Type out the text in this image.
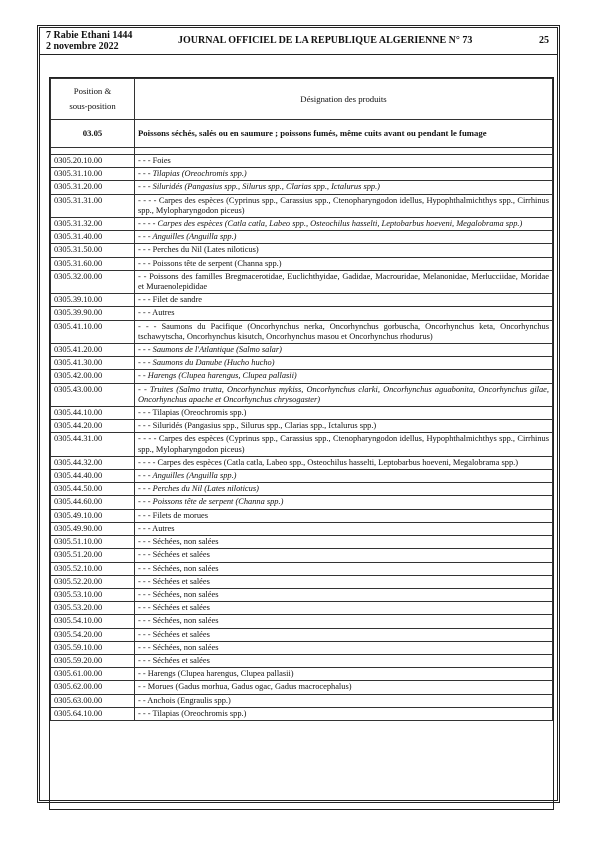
7 Rabie Ethani 1444
2 novembre 2022
JOURNAL OFFICIEL DE LA REPUBLIQUE ALGERIENNE N° 73	25
Position &
sous-position	Désignation des produits
03.05	Poissons séchés, salés ou en saumure ; poissons fumés, même cuits avant ou pendant le fumage

0305.20.10.00	- - - Foies
0305.31.10.00	- - - Tilapias (Oreochromis spp.)
0305.31.20.00	- - - Siluridés (Pangasius spp., Silurus spp., Clarias spp., Ictalurus spp.)
0305.31.31.00	- - - - Carpes des espèces (Cyprinus spp., Carassius spp., Ctenopharyngodon idellus, Hypophthalmichthys spp., Cirrhinus spp., Mylopharyngodon piceus)
0305.31.32.00	- - - - Carpes des espèces (Catla catla, Labeo spp., Osteochilus hasselti, Leptobarbus hoeveni, Megalobrama spp.)
0305.31.40.00	- - - Anguilles (Anguilla spp.)
0305.31.50.00	- - - Perches du Nil (Lates niloticus)
0305.31.60.00	- - - Poissons tête de serpent (Channa spp.)
0305.32.00.00	- - Poissons des familles Bregmacerotidae, Euclichthyidae, Gadidae, Macrouridae, Melanonidae, Merlucciidae, Moridae et Muraenolepididae
0305.39.10.00	- - - Filet de sandre
0305.39.90.00	- - - Autres
0305.41.10.00	- - - Saumons du Pacifique (Oncorhynchus nerka, Oncorhynchus gorbuscha, Oncorhynchus keta, Oncorhynchus tschawytscha, Oncorhynchus kisutch, Oncorhynchus masou et Oncorhynchus rhodurus)
0305.41.20.00	- - - Saumons de l'Atlantique (Salmo salar)
0305.41.30.00	- - - Saumons du Danube (Hucho hucho)
0305.42.00.00	- - Harengs (Clupea harengus, Clupea pallasii)
0305.43.00.00	- - Truites (Salmo trutta, Oncorhynchus mykiss, Oncorhynchus clarki, Oncorhynchus aguabonita, Oncorhynchus gilae, Oncorhynchus apache et Oncorhynchus chrysogaster)
0305.44.10.00	- - - Tilapias (Oreochromis spp.)
0305.44.20.00	- - - Siluridés (Pangasius spp., Silurus spp., Clarias spp., Ictalurus spp.)
0305.44.31.00	- - - - Carpes des espèces (Cyprinus spp., Carassius spp., Ctenopharyngodon idellus, Hypophthalmichthys spp., Cirrhinus spp., Mylopharyngodon piceus)
0305.44.32.00	- - - - Carpes des espèces (Catla catla, Labeo spp., Osteochilus hasselti, Leptobarbus hoeveni, Megalobrama spp.)
0305.44.40.00	- - - Anguilles (Anguilla spp.)
0305.44.50.00	- - - Perches du Nil (Lates niloticus)
0305.44.60.00	- - - Poissons tête de serpent (Channa spp.)
0305.49.10.00	- - - Filets de morues
0305.49.90.00	- - - Autres
0305.51.10.00	- - - Séchées, non salées
0305.51.20.00	- - - Séchées et salées
0305.52.10.00	- - - Séchées, non salées
0305.52.20.00	- - - Séchées et salées
0305.53.10.00	- - - Séchées, non salées
0305.53.20.00	- - - Séchées et salées
0305.54.10.00	- - - Séchées, non salées
0305.54.20.00	- - - Séchées et salées
0305.59.10.00	- - - Séchées, non salées
0305.59.20.00	- - - Séchées et salées
0305.61.00.00	- - Harengs (Clupea harengus, Clupea pallasii)
0305.62.00.00	- - Morues (Gadus morhua, Gadus ogac, Gadus macrocephalus)
0305.63.00.00	- - Anchois (Engraulis spp.)
0305.64.10.00	- - - Tilapias (Oreochromis spp.)
